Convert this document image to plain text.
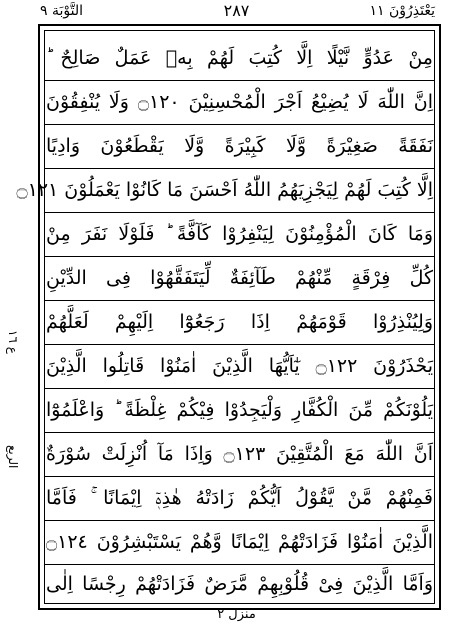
يَعْتَذِرُوْنَ ١١
٢٨٧
التَّوْبَة ٩
مِنْ عَدُوٍّ نَّيْلًا اِلَّا كُتِبَ لَهُمْ بِهٖ عَمَلٌ صَالِحٌ ؕ
اِنَّ اللّٰهَ لَا يُضِيْعُ اَجْرَ الْمُحْسِنِيْنَ ۝١٢٠ وَلَا يُنْفِقُوْنَ
نَفَقَةً صَغِيْرَةً وَّلَا كَبِيْرَةً وَّلَا يَقْطَعُوْنَ وَادِيًا
اِلَّا كُتِبَ لَهُمْ لِيَجْزِيَهُمُ اللّٰهُ اَحْسَنَ مَا كَانُوْا يَعْمَلُوْنَ ۝١٢١
وَمَا كَانَ الْمُؤْمِنُوْنَ لِيَنْفِرُوْا كَآفَّةً ؕ فَلَوْلَا نَفَرَ مِنْ
كُلِّ فِرْقَةٍ مِّنْهُمْ طَآئِفَةٌ لِّيَتَفَقَّهُوْا فِى الدِّيْنِ
وَلِيُنْذِرُوْا قَوْمَهُمْ اِذَا رَجَعُوْٓا اِلَيْهِمْ لَعَلَّهُمْ
يَحْذَرُوْنَ ۝١٢٢ يٰٓاَيُّهَا الَّذِيْنَ اٰمَنُوْا قَاتِلُوا الَّذِيْنَ
يَلُوْنَكُمْ مِّنَ الْكُفَّارِ وَلْيَجِدُوْا فِيْكُمْ غِلْظَةً ؕ وَاعْلَمُوْٓا
اَنَّ اللّٰهَ مَعَ الْمُتَّقِيْنَ ۝١٢٣ وَاِذَا مَآ اُنْزِلَتْ سُوْرَةٌ
فَمِنْهُمْ مَّنْ يَّقُوْلُ اَيُّكُمْ زَادَتْهُ هٰذِهٖٓ اِيْمَانًا ۚ فَاَمَّا
الَّذِيْنَ اٰمَنُوْا فَزَادَتْهُمْ اِيْمَانًا وَّهُمْ يَسْتَبْشِرُوْنَ ۝١٢٤
وَاَمَّا الَّذِيْنَ فِىْ قُلُوْبِهِمْ مَّرَضٌ فَزَادَتْهُمْ رِجْسًا اِلٰى
ع ١٦
الربع
منزل ٢
